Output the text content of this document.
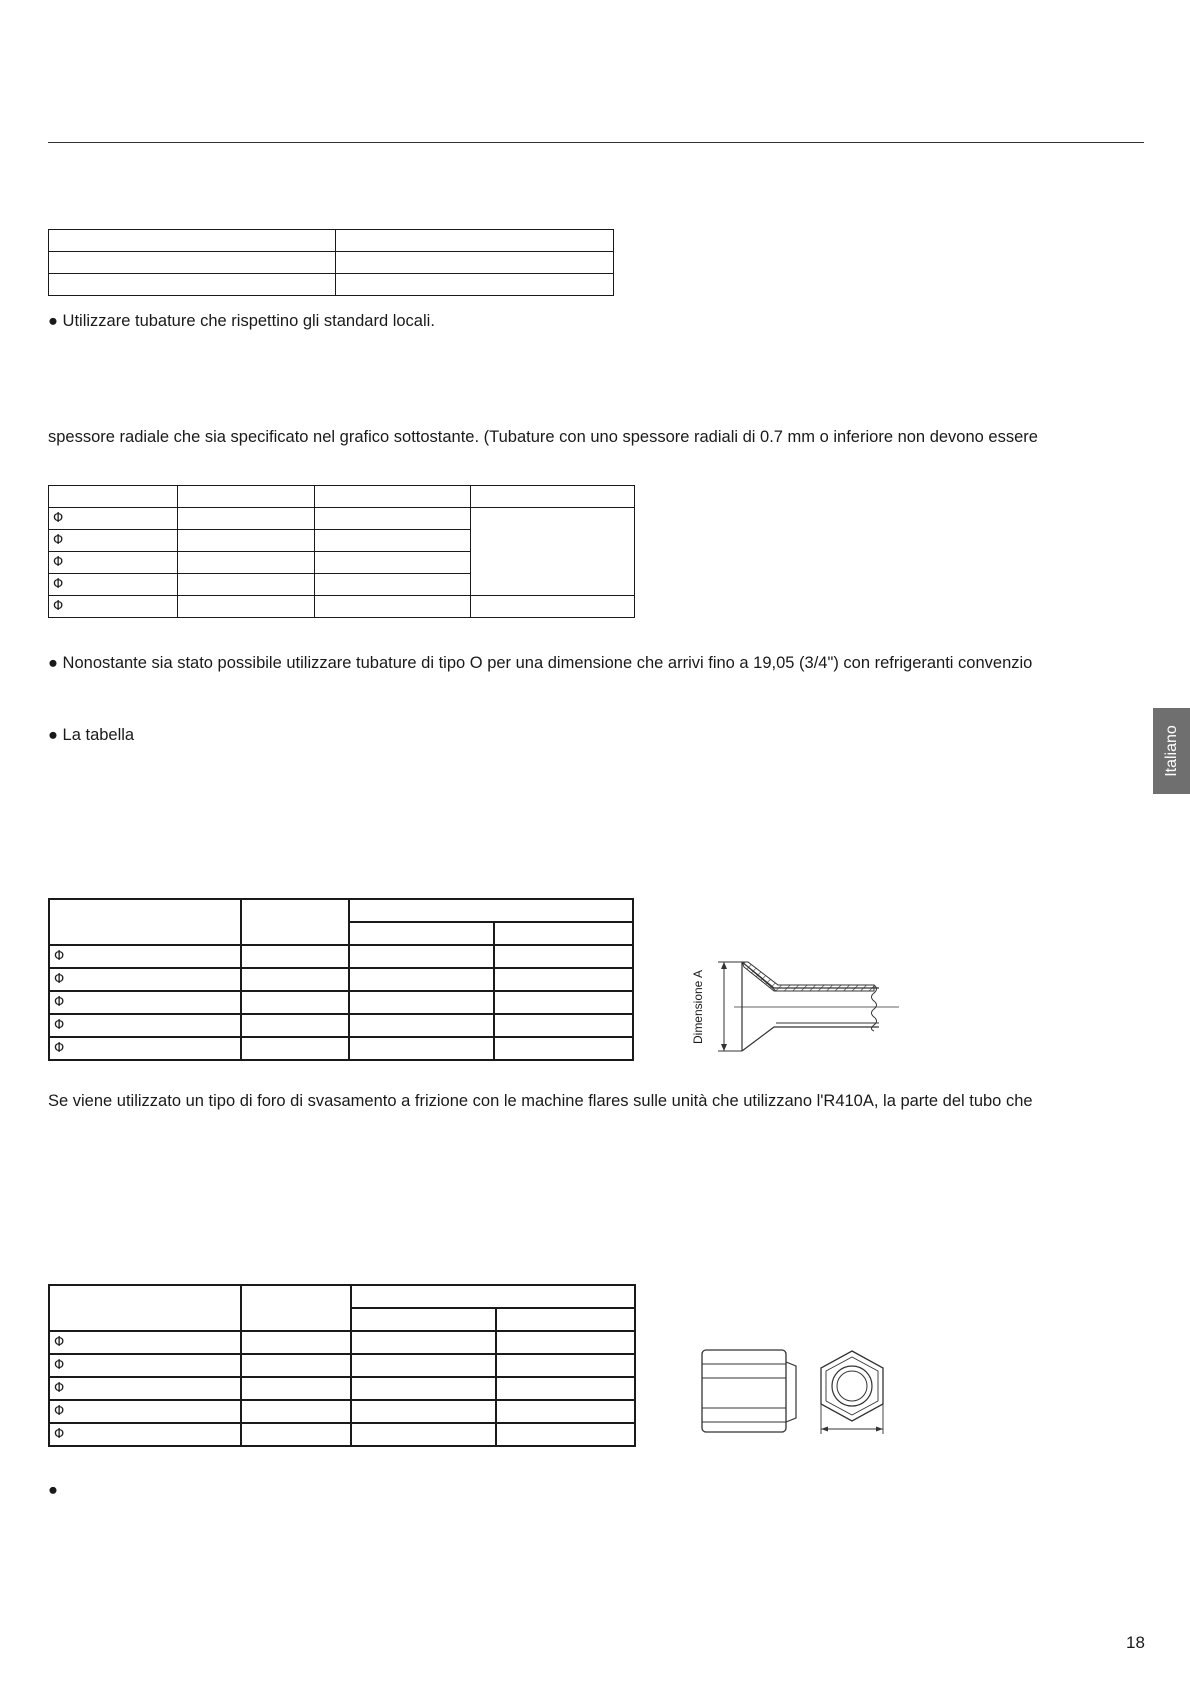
● Utilizzare tubature che rispettino gli standard locali.
spessore radiale che sia specificato nel grafico sottostante. (Tubature con uno spessore radiali di 0.7 mm o inferiore non devono essere

Φ			
Φ			
Φ			
Φ			
Φ			
● Nonostante sia stato possibile utilizzare tubature di tipo O per una dimensione che arrivi fino a 19,05 (3/4") con refrigeranti convenzio
● La tabella	Italiano

Φ			
Φ			
Φ			
Φ			
Φ			
Dimensione A
Se viene utilizzato un tipo di foro di svasamento a frizione con le machine flares sulle unità che utilizzano l'R410A, la parte del tubo che

Φ			
Φ			
Φ			
Φ			
Φ			
●
18
